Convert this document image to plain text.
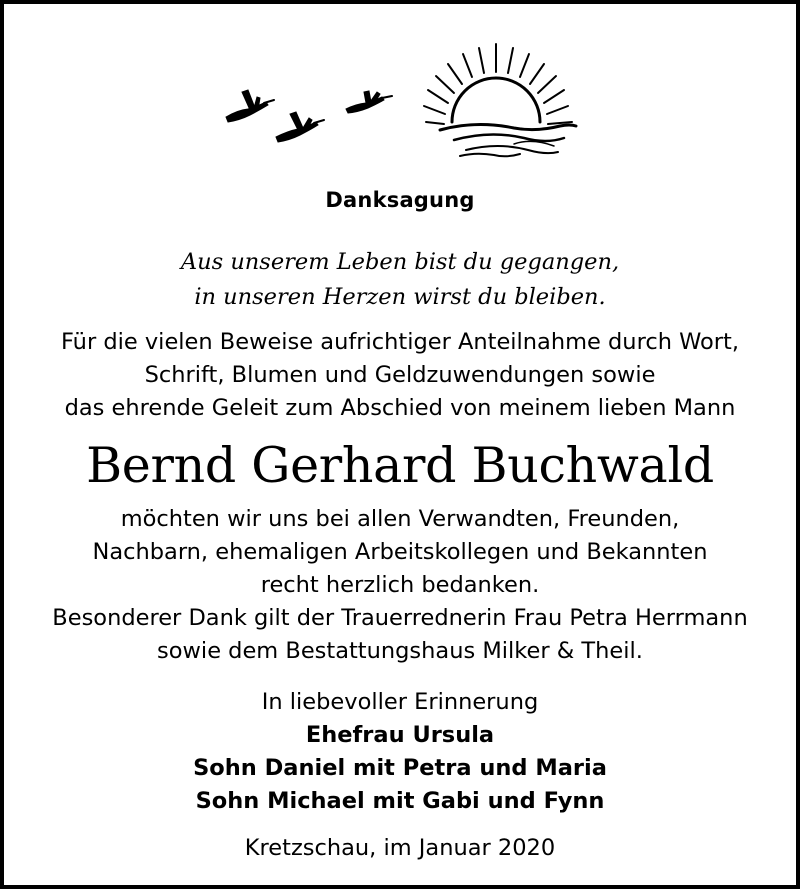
Danksagung
Aus unserem Leben bist du gegangen,
in unseren Herzen wirst du bleiben.
Für die vielen Beweise aufrichtiger Anteilnahme durch Wort,
Schrift, Blumen und Geldzuwendungen sowie
das ehrende Geleit zum Abschied von meinem lieben Mann
Bernd Gerhard Buchwald
möchten wir uns bei allen Verwandten, Freunden,
Nachbarn, ehemaligen Arbeitskollegen und Bekannten
recht herzlich bedanken.
Besonderer Dank gilt der Trauerrednerin Frau Petra Herrmann
sowie dem Bestattungshaus Milker & Theil.
In liebevoller Erinnerung
Ehefrau Ursula
Sohn Daniel mit Petra und Maria
Sohn Michael mit Gabi und Fynn
Kretzschau, im Januar 2020
